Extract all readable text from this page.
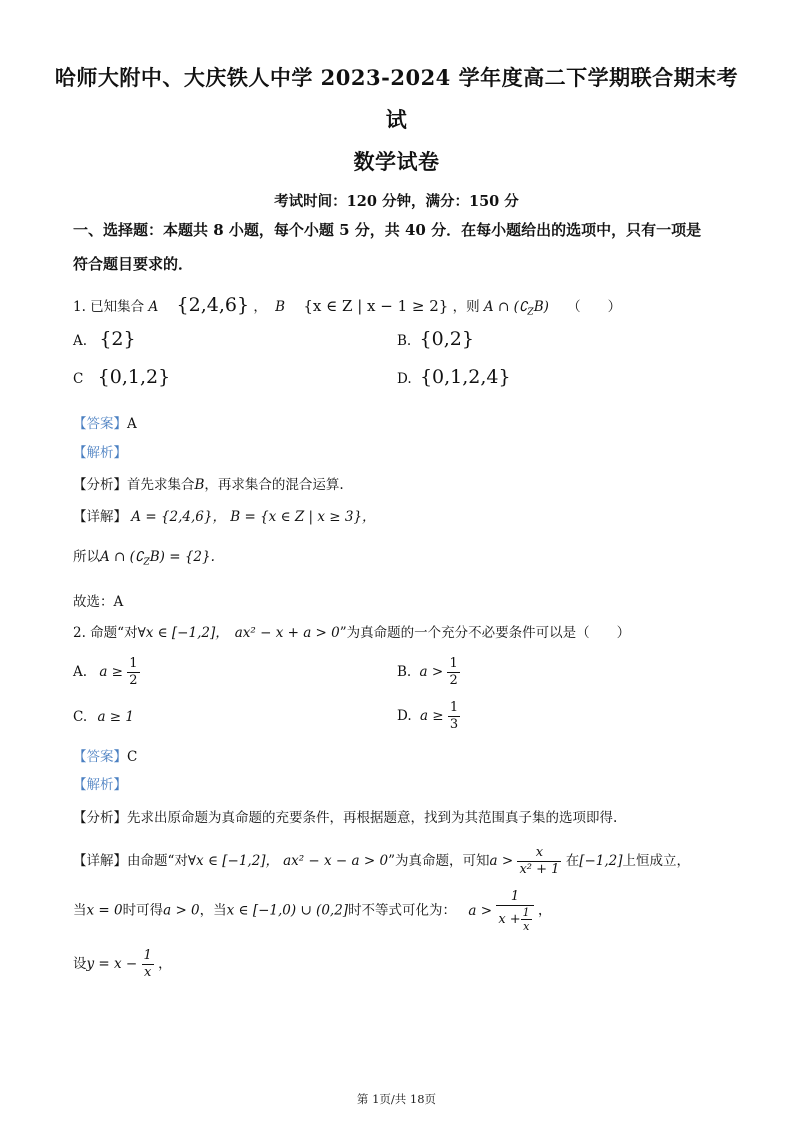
哈师大附中、大庆铁人中学 2023-2024 学年度高二下学期联合期末考
试
数学试卷
考试时间：120 分钟，满分：150 分
一、选择题：本题共 8 小题，每个小题 5 分，共 40 分．在每小题给出的选项中，只有一项是
符合题目要求的．
1. 已知集合 A {2,4,6} ， B {x ∈ Z | x − 1 ≥ 2} ，则 A ∩ $(∁_ZB)$ （　　）
A. {2}	B. {0,2}
C {0,1,2}	D. {0,1,2,4}
【答案】A
【解析】
【分析】首先求集合B，再求集合的混合运算.
【详解】 A = {2,4,6}， B = {x ∈ Z | x ≥ 3}，
所以A ∩ $(∁_ZB) = \{2\}$.
故选：A
2. 命题“对∀x ∈ [−1,2]， ax² − x + a > 0”为真命题的一个充分不必要条件可以是（　　）
A. $a \ge \frac{1}{2}$	B. $a > \frac{1}{2}$
C. a ≥ 1	D. $a \ge \frac{1}{3}$
【答案】C
【解析】
【分析】先求出原命题为真命题的充要条件，再根据题意，找到为其范围真子集的选项即得.
【详解】由命题“对∀x ∈ [−1,2]， ax² − x − a > 0”为真命题，可知$a > \frac{x}{\text{x² + 1}}$ 在[−1,2]上恒成立，
当x = 0时可得a > 0，当x ∈ [−1,0) ∪ (0,2]时不等式可化为： $a > \frac{1}{x + \frac{1}{x}}$ ，
设$y = x - \frac{1}{x}$ ，
第 1页/共 18页
